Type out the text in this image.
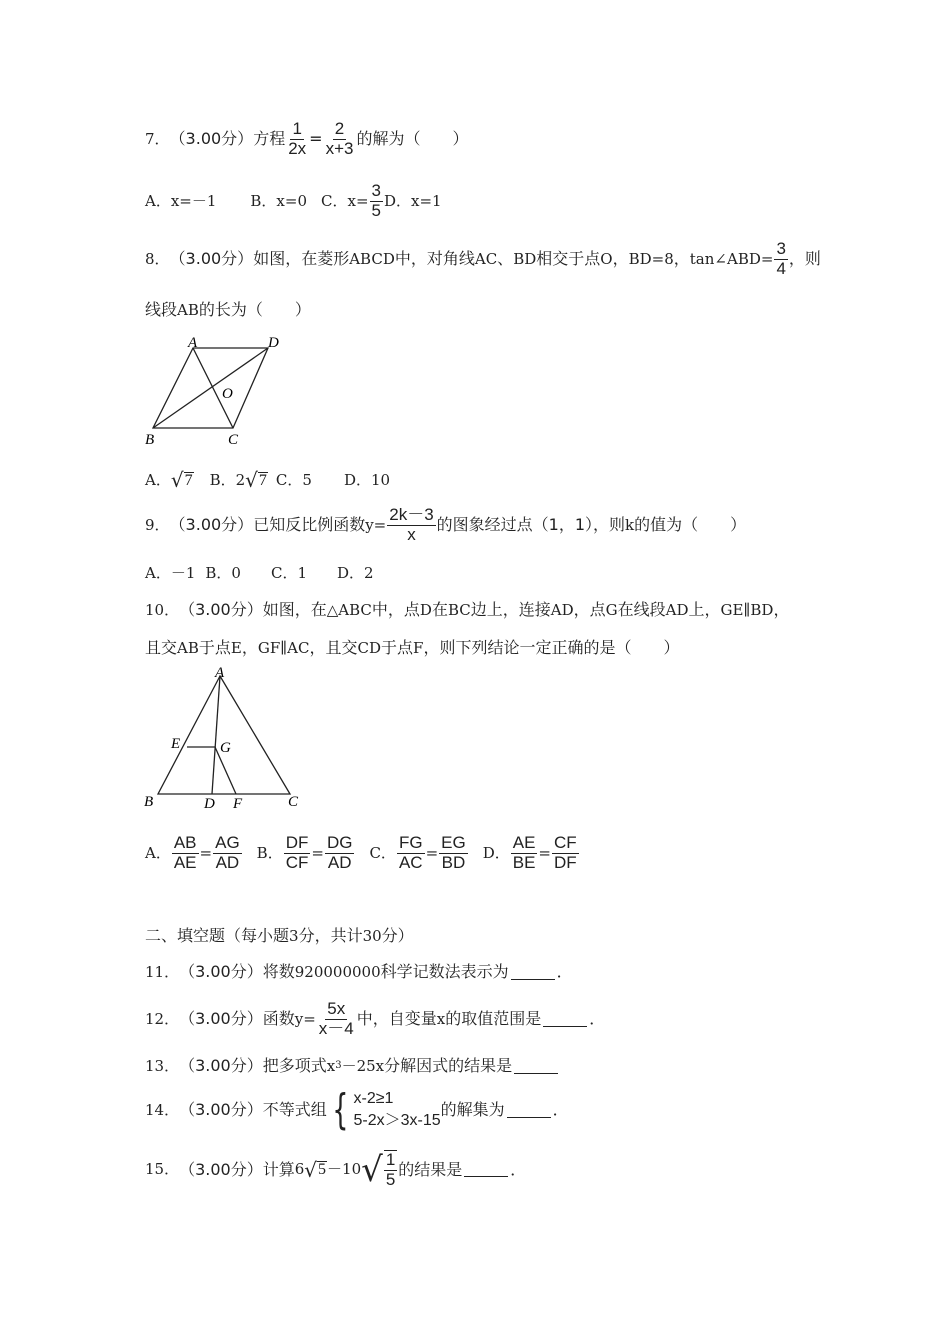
7． （3.00分） 方程 $\frac{1}{2x} = \frac{2}{x+3}$ 的解为（　　）
A．x=－1 B．x=0 C．$x= \frac{3}{5}$ D．x=1
8． （3.00分） 如图，在菱形 ABCD 中，对角线 AC 、 BD 相交于点 O ， BD=8 ， tan∠ABD= $\frac{3}{4}$ ，则
线段 AB 的长为（　　）
A	D
O
B	C
A． √ 7 B．2 √ 7 C．5 D．10
9． （3.00分） 已知反比例函数 $y= \frac{2k-3}{x}$ 的图象经过点（1，1），则 k 的值为（　　）
A．－1 B．0 C．1 D．2
10． （3.00分） 如图，在 △ABC 中，点 D 在 BC 边上，连接 AD ，点 G 在线段 AD 上， GE∥BD ，
且交 AB 于点 E ， GF∥AC ，且交 CD 于点 F ，则下列结论一定正确的是（　　）
A
E	G
B	D F	C
A． $\frac{AB}{AE} = \frac{AG}{AD}$ B． $\frac{DF}{CF} = \frac{DG}{AD}$ C． $\frac{FG}{AC} = \frac{EG}{BD}$ D． $\frac{AE}{BE} = \frac{CF}{DF}$
二、填空题（每小题 3 分，共计 30 分）
11． （3.00分） 将数 920000000 科学记数法表示为	．
12． （3.00分） 函数 $y= \frac{5x}{x-4}$ 中，自变量 x 的取值范围是	．
13． （3.00分） 把多项式 x 3 －25x 分解因式的结果是
14． （3.00分） 不等式组 { x-2≥1
5-2x＞3x-15
的解集为	．
15． （3.00分） 计算 6 √ 5 －10 √ $\frac{1}{5}$ 的结果是	．
